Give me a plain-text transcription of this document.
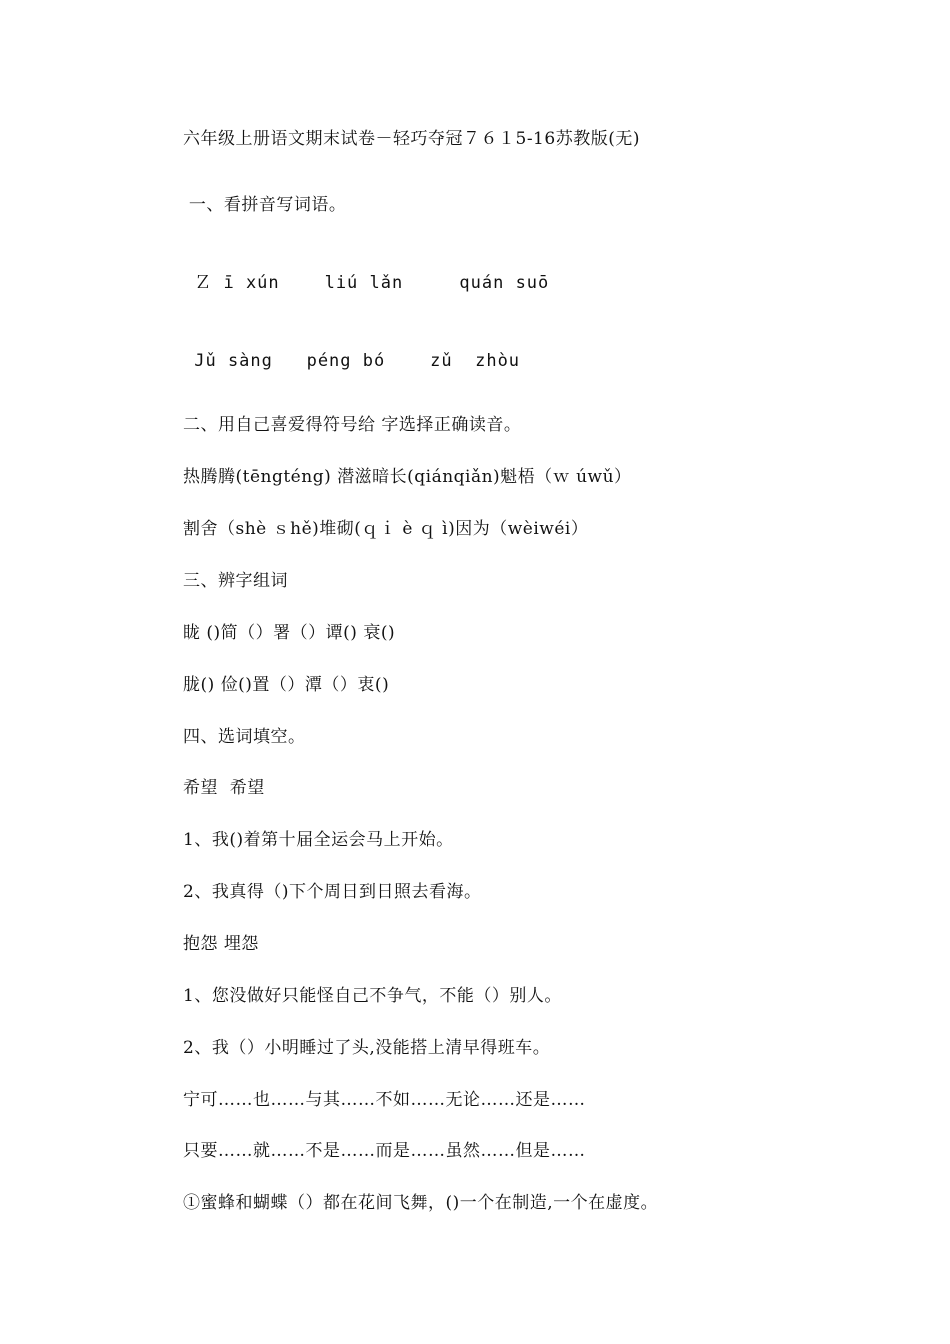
六年级上册语文期末试卷－轻巧夺冠７６１5-16苏教版(无)
一、看拼音写词语。
Ｚ ī xún    liú lǎn     quán suō
Jǔ sàng   péng bó    zǔ  zhòu
二、用自己喜爱得符号给 字选择正确读音。
热腾腾(tēngténg) 潜滋暗长(qiánqiǎn)魁梧（ｗ úwǔ）
割舍（shè ｓhě)堆砌(ｑｉ è ｑ ì)因为（wèiwéi）
三、辨字组词
眬 ()简（）署（）谭() 衰()
胧() 俭()置（）潭（）衷()
四、选词填空。
希望  希望
1、我()着第十届全运会马上开始。
2、我真得（)下个周日到日照去看海。
抱怨 埋怨
1、您没做好只能怪自己不争气，不能（）别人。
2、我（）小明睡过了头,没能搭上清早得班车。
宁可……也……与其……不如……无论……还是……
只要……就……不是……而是……虽然……但是……
①蜜蜂和蝴蝶（）都在花间飞舞，()一个在制造,一个在虚度。
